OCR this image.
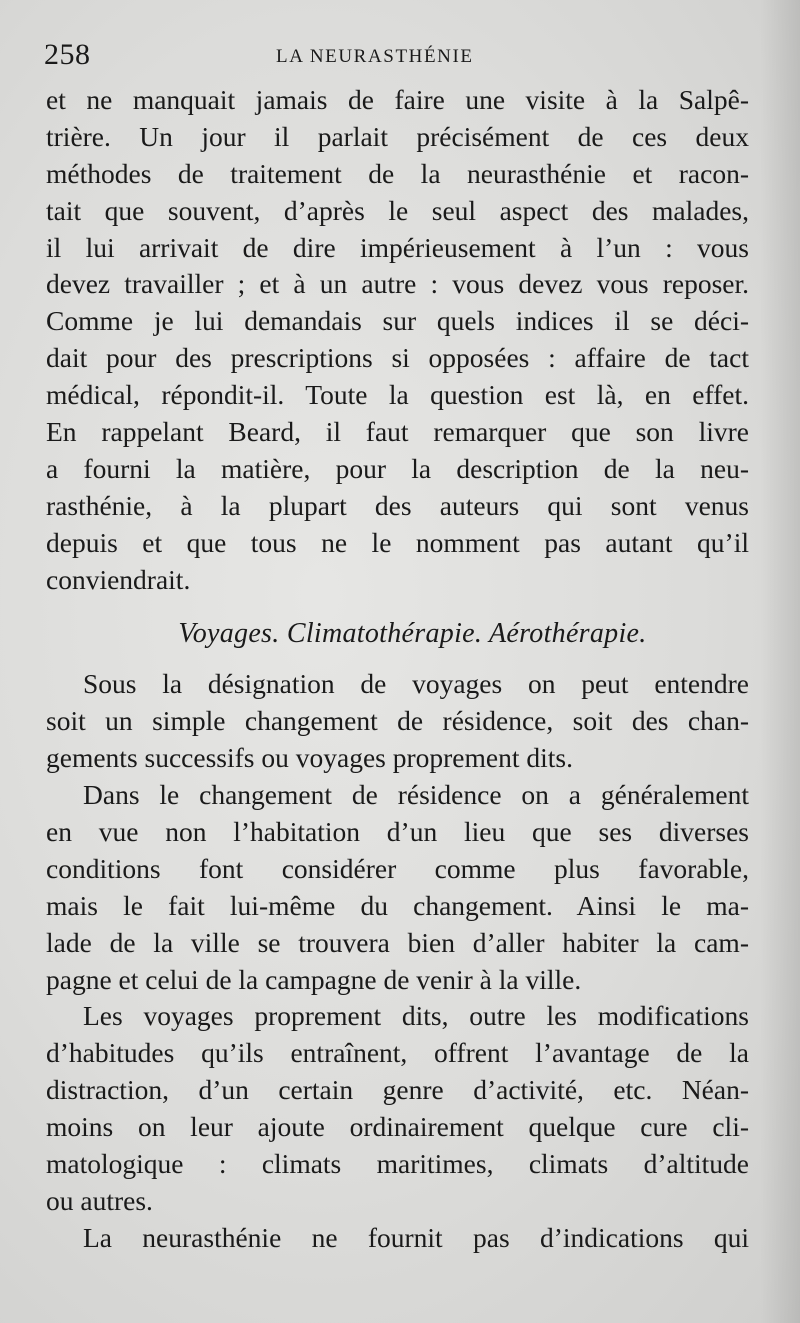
258	LA NEURASTHÉNIE
et ne manquait jamais de faire une visite à la Salpê-
trière. Un jour il parlait précisément de ces deux
méthodes de traitement de la neurasthénie et racon-
tait que souvent, d’après le seul aspect des malades,
il lui arrivait de dire impérieusement à l’un : vous
devez travailler ; et à un autre : vous devez vous reposer.
Comme je lui demandais sur quels indices il se déci-
dait pour des prescriptions si opposées : affaire de tact
médical, répondit-il. Toute la question est là, en effet.
En rappelant Beard, il faut remarquer que son livre
a fourni la matière, pour la description de la neu-
rasthénie, à la plupart des auteurs qui sont venus
depuis et que tous ne le nomment pas autant qu’il
conviendrait.
Voyages. Climatothérapie. Aérothérapie.
Sous la désignation de voyages on peut entendre
soit un simple changement de résidence, soit des chan-
gements successifs ou voyages proprement dits.
Dans le changement de résidence on a généralement
en vue non l’habitation d’un lieu que ses diverses
conditions font considérer comme plus favorable,
mais le fait lui-même du changement. Ainsi le ma-
lade de la ville se trouvera bien d’aller habiter la cam-
pagne et celui de la campagne de venir à la ville.
Les voyages proprement dits, outre les modifications
d’habitudes qu’ils entraînent, offrent l’avantage de la
distraction, d’un certain genre d’activité, etc. Néan-
moins on leur ajoute ordinairement quelque cure cli-
matologique : climats maritimes, climats d’altitude
ou autres.
La neurasthénie ne fournit pas d’indications qui
